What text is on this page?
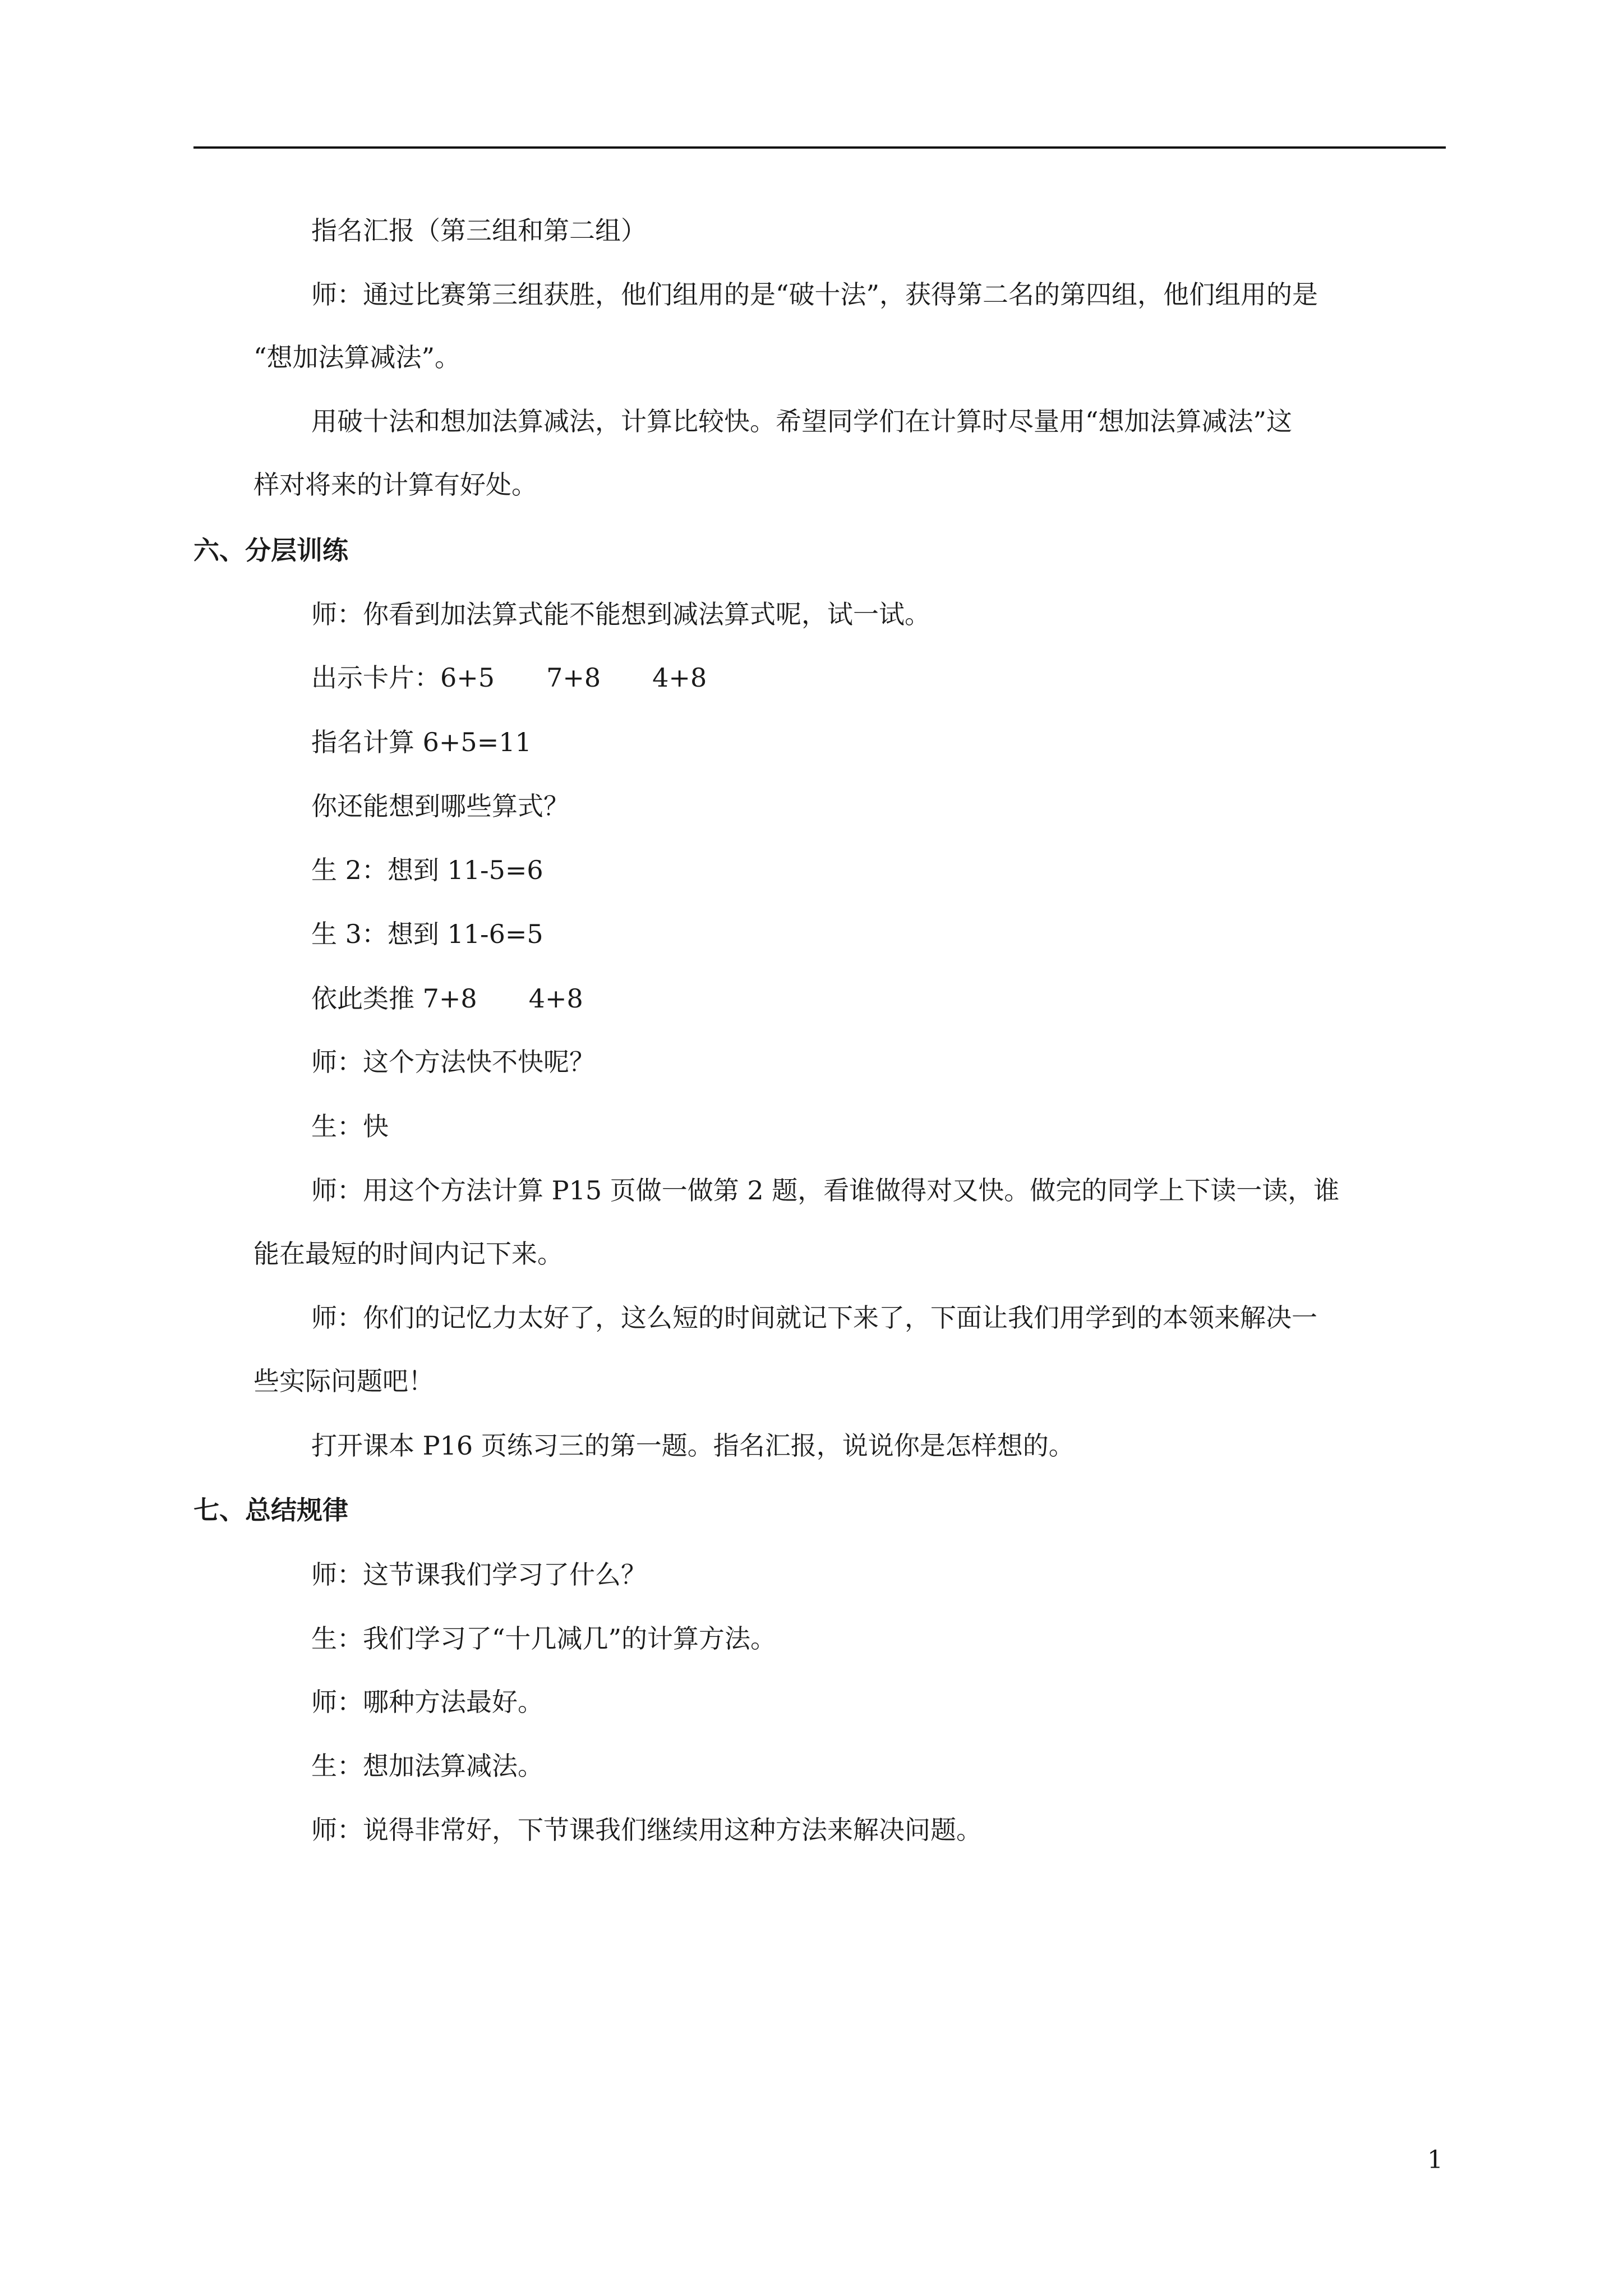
指名汇报（第三组和第二组）
师：通过比赛第三组获胜，他们组用的是“破十法”，获得第二名的第四组，他们组用的是
“想加法算减法”。
用破十法和想加法算减法，计算比较快。希望同学们在计算时尽量用“想加法算减法”这
样对将来的计算有好处。
六、分层训练
师：你看到加法算式能不能想到减法算式呢，试一试。
出示卡片：6+5　　7+8　　4+8
指名计算 6+5=11
你还能想到哪些算式？
生 2：想到 11-5=6
生 3：想到 11-6=5
依此类推 7+8　　4+8
师：这个方法快不快呢？
生：快
师：用这个方法计算 P15 页做一做第 2 题，看谁做得对又快。做完的同学上下读一读，谁
能在最短的时间内记下来。
师：你们的记忆力太好了，这么短的时间就记下来了，下面让我们用学到的本领来解决一
些实际问题吧！
打开课本 P16 页练习三的第一题。指名汇报，说说你是怎样想的。
七、总结规律
师：这节课我们学习了什么？
生：我们学习了“十几减几”的计算方法。
师：哪种方法最好。
生：想加法算减法。
师：说得非常好，下节课我们继续用这种方法来解决问题。
1
